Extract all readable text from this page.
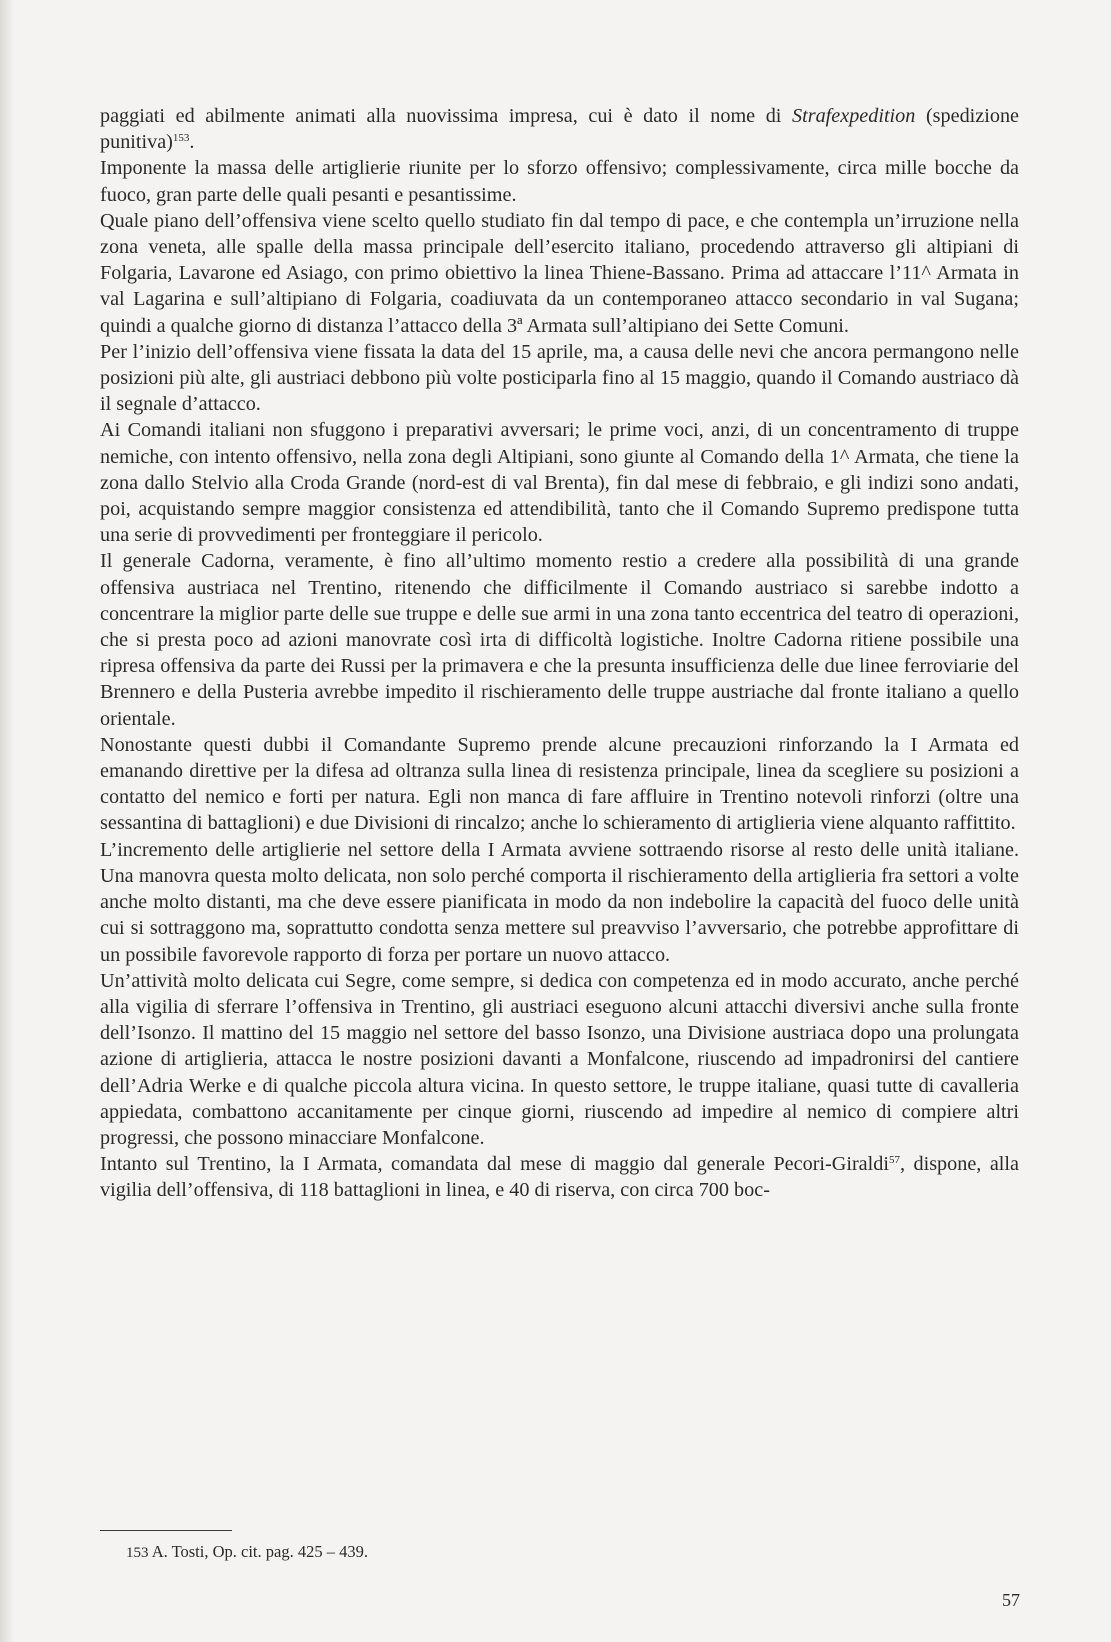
paggiati ed abilmente animati alla nuovissima impresa, cui è dato il nome di Strafexpedition (spedizione punitiva)$^{153}$.

Imponente la massa delle artiglierie riunite per lo sforzo offensivo; complessivamente, circa mille bocche da fuoco, gran parte delle quali pesanti e pesantissime.

Quale piano dell’offensiva viene scelto quello studiato fin dal tempo di pace, e che contempla un’irruzione nella zona veneta, alle spalle della massa principale dell’esercito italiano, procedendo attraverso gli altipiani di Folgaria, Lavarone ed Asiago, con primo obiettivo la linea Thiene-Bassano. Prima ad attaccare l’11^ Armata in val Lagarina e sull’altipiano di Folgaria, coadiuvata da un contemporaneo attacco secondario in val Sugana; quindi a qualche giorno di distanza l’attacco della 3ª Armata sull’altipiano dei Sette Comuni.

Per l’inizio dell’offensiva viene fissata la data del 15 aprile, ma, a causa delle nevi che ancora permangono nelle posizioni più alte, gli austriaci debbono più volte posticiparla fino al 15 maggio, quando il Comando austriaco dà il segnale d’attacco.

Ai Comandi italiani non sfuggono i preparativi avversari; le prime voci, anzi, di un concentramento di truppe nemiche, con intento offensivo, nella zona degli Altipiani, sono giunte al Comando della 1^ Armata, che tiene la zona dallo Stelvio alla Croda Grande (nord-est di val Brenta), fin dal mese di febbraio, e gli indizi sono andati, poi, acquistando sempre maggior consistenza ed attendibilità, tanto che il Comando Supremo predispone tutta una serie di provvedimenti per fronteggiare il pericolo.

Il generale Cadorna, veramente, è fino all’ultimo momento restio a credere alla possibilità di una grande offensiva austriaca nel Trentino, ritenendo che difficilmente il Comando austriaco si sarebbe indotto a concentrare la miglior parte delle sue truppe e delle sue armi in una zona tanto eccentrica del teatro di operazioni, che si presta poco ad azioni manovrate così irta di difficoltà logistiche. Inoltre Cadorna ritiene possibile una ripresa offensiva da parte dei Russi per la primavera e che la presunta insufficienza delle due linee ferroviarie del Brennero e della Pusteria avrebbe impedito il rischieramento delle truppe austriache dal fronte italiano a quello orientale.

Nonostante questi dubbi il Comandante Supremo prende alcune precauzioni rinforzando la I Armata ed emanando direttive per la difesa ad oltranza sulla linea di resistenza principale, linea da scegliere su posizioni a contatto del nemico e forti per natura. Egli non manca di fare affluire in Trentino notevoli rinforzi (oltre una sessantina di battaglioni) e due Divisioni di rincalzo; anche lo schieramento di artiglieria viene alquanto raffittito.

L’incremento delle artiglierie nel settore della I Armata avviene sottraendo risorse al resto delle unità italiane. Una manovra questa molto delicata, non solo perché comporta il rischieramento della artiglieria fra settori a volte anche molto distanti, ma che deve essere pianificata in modo da non indebolire la capacità del fuoco delle unità cui si sottraggono ma, soprattutto condotta senza mettere sul preavviso l’avversario, che potrebbe approfittare di un possibile favorevole rapporto di forza per portare un nuovo attacco.

Un’attività molto delicata cui Segre, come sempre, si dedica con competenza ed in modo accurato, anche perché alla vigilia di sferrare l’offensiva in Trentino, gli austriaci eseguono alcuni attacchi diversivi anche sulla fronte dell’Isonzo. Il mattino del 15 maggio nel settore del basso Isonzo, una Divisione austriaca dopo una prolungata azione di artiglieria, attacca le nostre posizioni davanti a Monfalcone, riuscendo ad impadronirsi del cantiere dell’Adria Werke e di qualche piccola altura vicina. In questo settore, le truppe italiane, quasi tutte di cavalleria appiedata, combattono accanitamente per cinque giorni, riuscendo ad impedire al nemico di compiere altri progressi, che possono minacciare Monfalcone.

Intanto sul Trentino, la I Armata, comandata dal mese di maggio dal generale Pecori-Giraldi$^{57}$, dispone, alla vigilia dell’offensiva, di 118 battaglioni in linea, e 40 di riserva, con circa 700 boc-

153 A. Tosti, Op. cit. pag. 425 – 439.
57
